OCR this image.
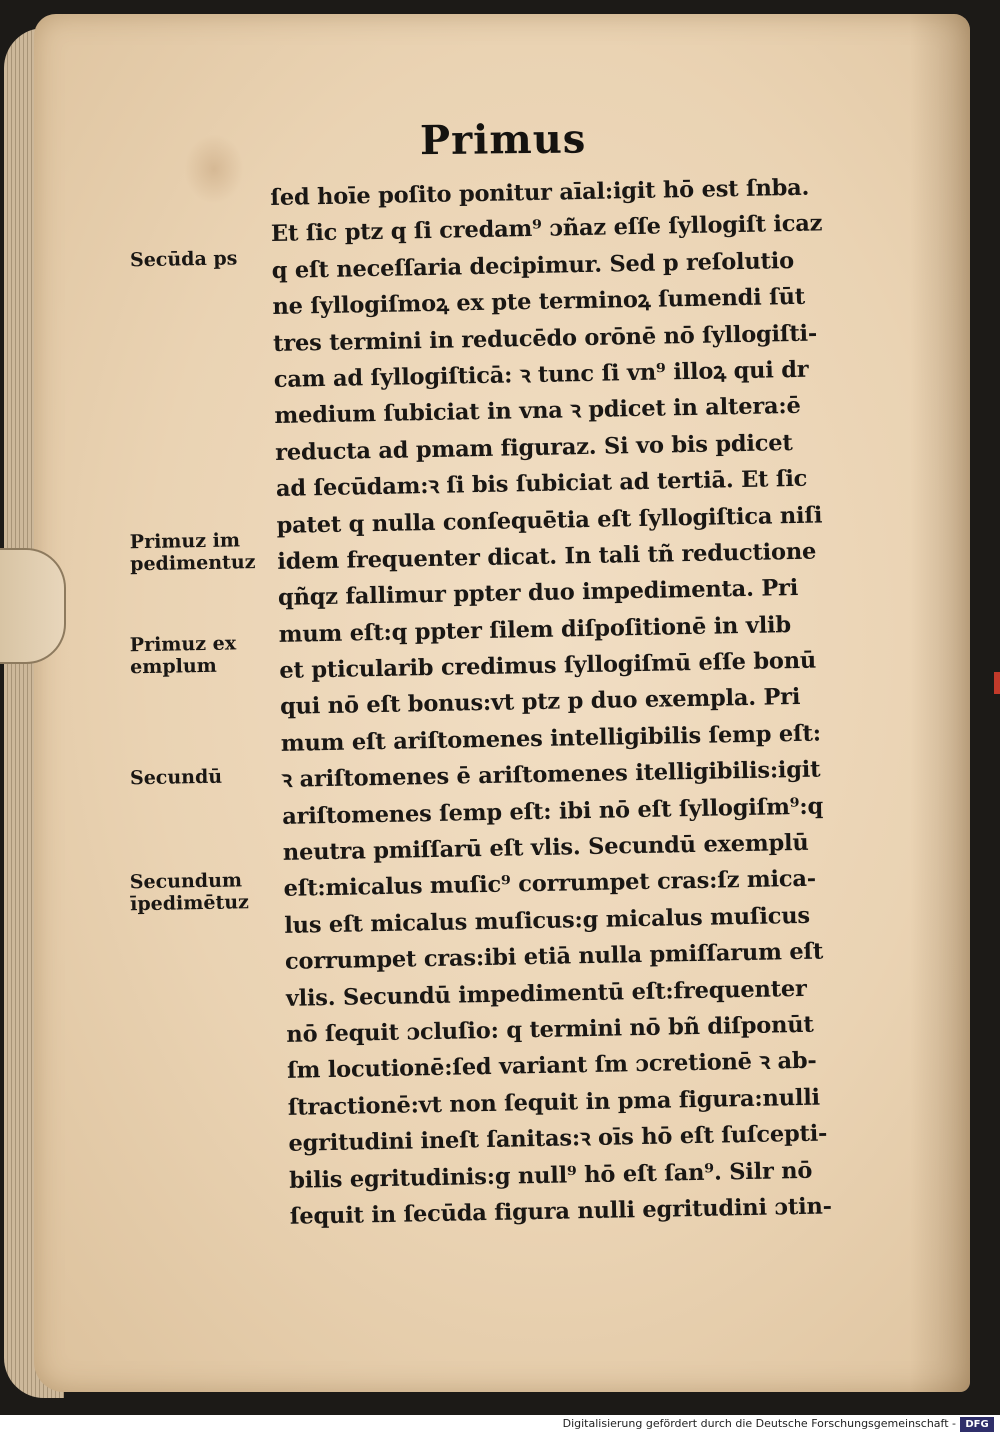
Primus
Secūda ps
Primuz im
pedimentuz
Primuz ex
emplum
Secundū
Secundum
īpedimētuz
ſed hoīe poſito ponitur aīal:igit hō est ſnba.
Et ſic ptz q ſi credam⁹ ɔñaz eſſe ſyllogiſt icaz
q eſt neceſſaria decipimur. Sed p reſolutio
ne ſyllogiſmoꝝ ex pte terminoꝝ ſumendi ſūt
tres termini in reducēdo orōnē nō ſyllogiſti-
cam ad ſyllogiſticā: ꝛ tunc ſi vn⁹ illoꝝ qui dr
medium ſubiciat in vna ꝛ pdicet in altera:ē
reducta ad pmam figuraz. Si vo bis pdicet
ad ſecūdam:ꝛ ſi bis ſubiciat ad tertiā. Et ſic
patet q nulla conſequētia eſt ſyllogiſtica niſi
idem frequenter dicat. In tali tñ reductione
qñqz fallimur ppter duo impedimenta. Pri
mum eſt:q ppter ſilem diſpoſitionē in vlib
et pticularib credimus ſyllogiſmū eſſe bonū
qui nō eſt bonus:vt ptz p duo exempla. Pri
mum eſt ariſtomenes intelligibilis ſemp eſt:
ꝛ ariſtomenes ē ariſtomenes itelligibilis:igit
ariſtomenes ſemp eſt: ibi nō eſt ſyllogiſm⁹:q
neutra pmiſſarū eſt vlis. Secundū exemplū
eſt:micalus muſic⁹ corrumpet cras:ſz mica-
lus eſt micalus muſicus:g micalus muſicus
corrumpet cras:ibi etiā nulla pmiſſarum eſt
vlis. Secundū impedimentū eſt:frequenter
nō ſequit ɔcluſio: q termini nō bñ diſponūt
ſm locutionē:ſed variant ſm ɔcretionē ꝛ ab-
ſtractionē:vt non ſequit in pma figura:nulli
egritudini ineſt ſanitas:ꝛ oīs hō eſt ſuſcepti-
bilis egritudinis:g null⁹ hō eſt ſan⁹. Silr nō
ſequit in ſecūda figura nulli egritudini ɔtin-
Digitalisierung gefördert durch die Deutsche Forschungsgemeinschaft - DFG
